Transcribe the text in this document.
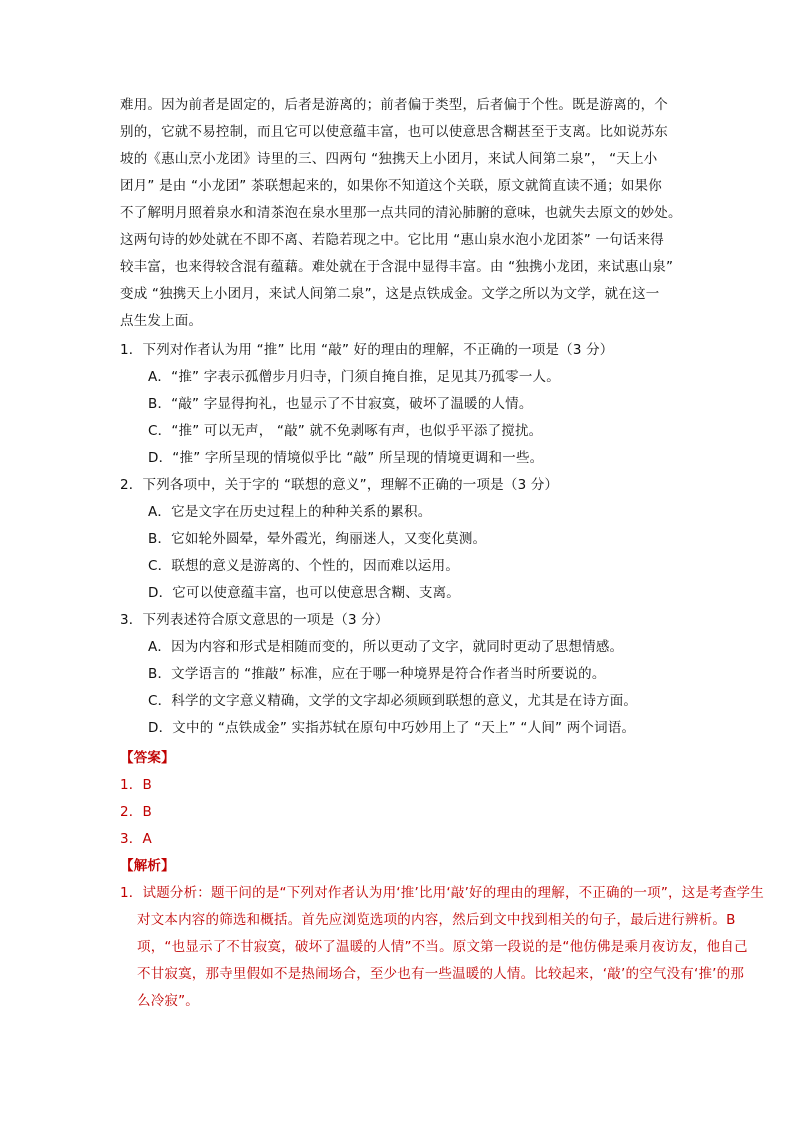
难用。因为前者是固定的，后者是游离的；前者偏于类型，后者偏于个性。既是游离的，个
别的，它就不易控制，而且它可以使意蕴丰富，也可以使意思含糊甚至于支离。比如说苏东
坡的《惠山烹小龙团》诗里的三、四两句 “独携天上小团月，来试人间第二泉”， “天上小
团月” 是由 “小龙团” 茶联想起来的，如果你不知道这个关联，原文就简直读不通；如果你
不了解明月照着泉水和清茶泡在泉水里那一点共同的清沁肺腑的意味，也就失去原文的妙处。
这两句诗的妙处就在不即不离、若隐若现之中。它比用 “惠山泉水泡小龙团茶” 一句话来得
较丰富，也来得较含混有蕴藉。难处就在于含混中显得丰富。由 “独携小龙团，来试惠山泉”
变成 “独携天上小团月，来试人间第二泉”，这是点铁成金。文学之所以为文学，就在这一
点生发上面。
1．下列对作者认为用 “推” 比用 “敲” 好的理由的理解，不正确的一项是（3 分）
A．“推” 字表示孤僧步月归寺，门须自掩自推，足见其乃孤零一人。
B．“敲” 字显得拘礼，也显示了不甘寂寞，破坏了温暖的人情。
C．“推” 可以无声， “敲” 就不免剥啄有声，也似乎平添了搅扰。
D．“推” 字所呈现的情境似乎比 “敲” 所呈现的情境更调和一些。
2．下列各项中，关于字的 “联想的意义”，理解不正确的一项是（3 分）
A．它是文字在历史过程上的种种关系的累积。
B．它如轮外圆晕，晕外霞光，绚丽迷人，又变化莫测。
C．联想的意义是游离的、个性的，因而难以运用。
D．它可以使意蕴丰富，也可以使意思含糊、支离。
3．下列表述符合原文意思的一项是（3 分）
A．因为内容和形式是相随而变的，所以更动了文字，就同时更动了思想情感。
B．文学语言的 “推敲” 标准，应在于哪一种境界是符合作者当时所要说的。
C．科学的文字意义精确，文学的文字却必须顾到联想的意义，尤其是在诗方面。
D．文中的 “点铁成金” 实指苏轼在原句中巧妙用上了 “天上” “人间” 两个词语。
【答案】
1．B
2．B
3．A
【解析】
1．试题分析：题干问的是“下列对作者认为用‘推’比用‘敲’好的理由的理解，不正确的一项”，这是考查学生
对文本内容的筛选和概括。首先应浏览选项的内容，然后到文中找到相关的句子，最后进行辨析。B
项，“也显示了不甘寂寞，破坏了温暖的人情”不当。原文第一段说的是“他仿佛是乘月夜访友，他自己
不甘寂寞，那寺里假如不是热闹场合，至少也有一些温暖的人情。比较起来，‘敲’的空气没有‘推’的那
么冷寂”。
